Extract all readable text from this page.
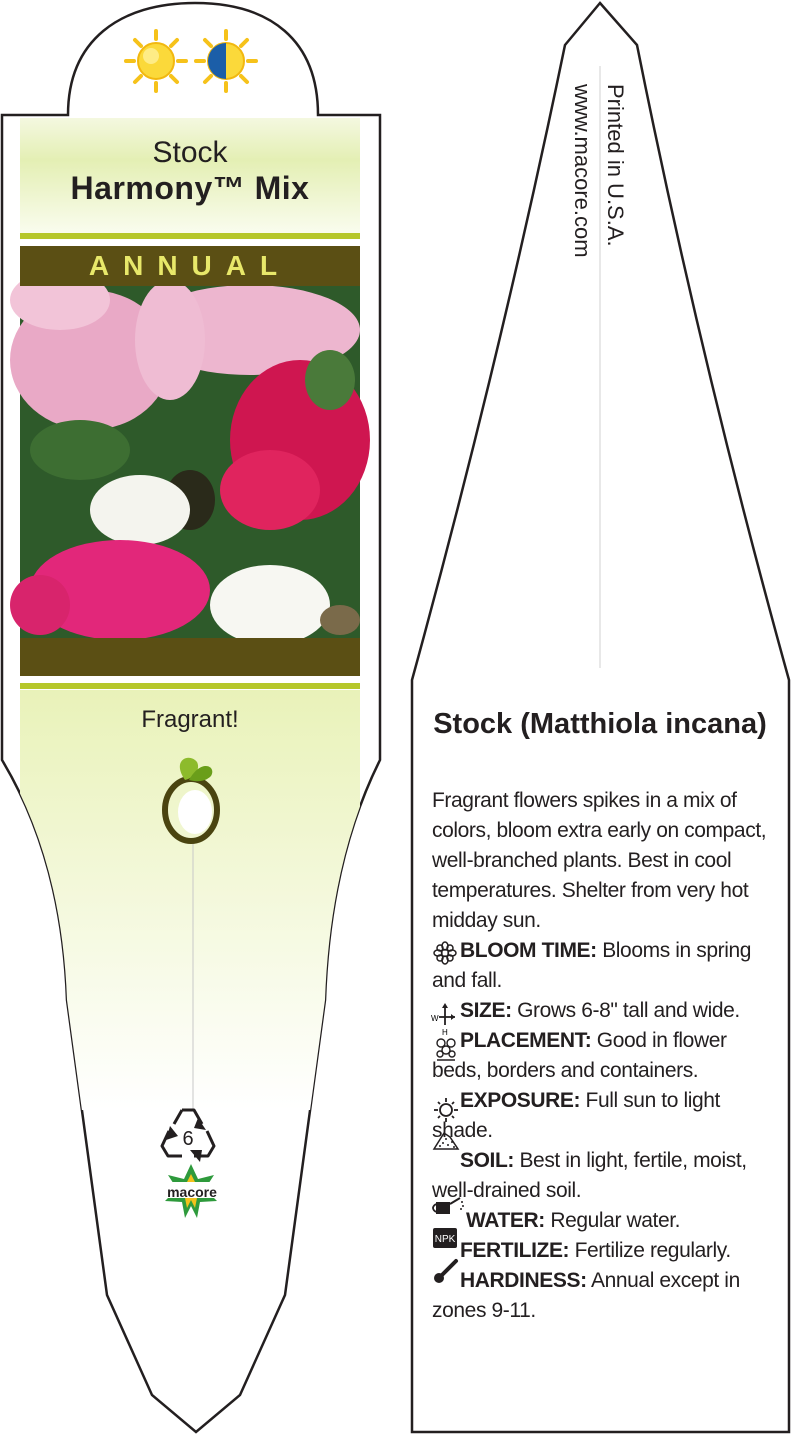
W
H
NPK
Stock
Harmony™ Mix
ANNUAL
Fragrant!
6
macore
Printed in U.S.A.
www.macore.com
Stock (Matthiola incana)

Fragrant flowers spikes in a mix of colors, bloom extra early on compact, well-branched plants. Best in cool temperatures. Shelter from very hot midday sun.

BLOOM TIME: Blooms in spring and fall.

SIZE: Grows 6-8" tall and wide.

PLACEMENT: Good in flower beds, borders and containers.

EXPOSURE: Full sun to light shade.

SOIL: Best in light, fertile, moist, well-drained soil.

WATER: Regular water.

FERTILIZE: Fertilize regularly.

HARDINESS: Annual except in zones 9-11.
